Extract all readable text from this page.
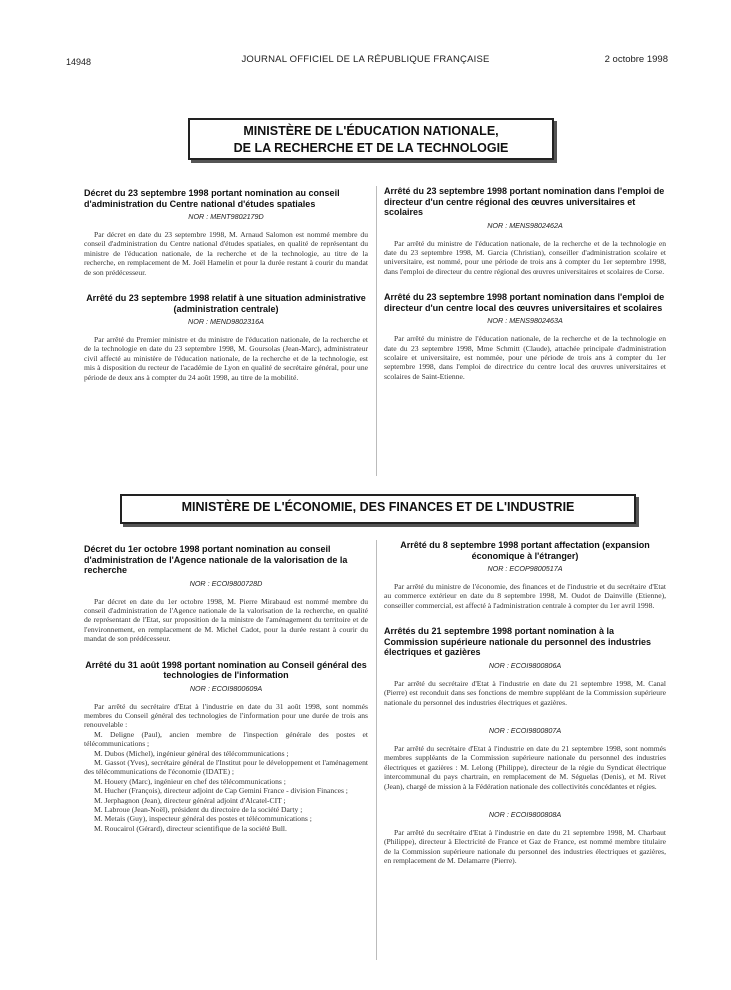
14948	JOURNAL OFFICIEL DE LA RÉPUBLIQUE FRANÇAISE	2 octobre 1998
MINISTÈRE DE L'ÉDUCATION NATIONALE,
DE LA RECHERCHE ET DE LA TECHNOLOGIE
Décret du 23 septembre 1998 portant nomination au conseil d'administration du Centre national d'études spatiales
NOR : MENT9802179D

Par décret en date du 23 septembre 1998, M. Arnaud Salomon est nommé membre du conseil d'administration du Centre national d'études spatiales, en qualité de représentant du ministre de l'éducation nationale, de la recherche et de la technologie, au titre de la recherche, en remplacement de M. Joël Hamelin et pour la durée restant à courir du mandat de son prédécesseur.

Arrêté du 23 septembre 1998 relatif à une situation administrative (administration centrale)
NOR : MEND9802316A

Par arrêté du Premier ministre et du ministre de l'éducation nationale, de la recherche et de la technologie en date du 23 septembre 1998, M. Goursolas (Jean-Marc), administrateur civil affecté au ministère de l'éducation nationale, de la recherche et de la technologie, est mis à disposition du recteur de l'académie de Lyon en qualité de secrétaire général, pour une période de deux ans à compter du 24 août 1998, au titre de la mobilité.

Arrêté du 23 septembre 1998 portant nomination dans l'emploi de directeur d'un centre régional des œuvres universitaires et scolaires
NOR : MENS9802462A

Par arrêté du ministre de l'éducation nationale, de la recherche et de la technologie en date du 23 septembre 1998, M. Garcia (Christian), conseiller d'administration scolaire et universitaire, est nommé, pour une période de trois ans à compter du 1er septembre 1998, dans l'emploi de directeur du centre régional des œuvres universitaires et scolaires de Corse.

Arrêté du 23 septembre 1998 portant nomination dans l'emploi de directeur d'un centre local des œuvres universitaires et scolaires
NOR : MENS9802463A

Par arrêté du ministre de l'éducation nationale, de la recherche et de la technologie en date du 23 septembre 1998, Mme Schmitt (Claude), attachée principale d'administration scolaire et universitaire, est nommée, pour une période de trois ans à compter du 1er septembre 1998, dans l'emploi de directrice du centre local des œuvres universitaires et scolaires de Saint-Etienne.

MINISTÈRE DE L'ÉCONOMIE, DES FINANCES ET DE L'INDUSTRIE
Décret du 1er octobre 1998 portant nomination au conseil d'administration de l'Agence nationale de la valorisation de la recherche
NOR : ECOI9800728D

Par décret en date du 1er octobre 1998, M. Pierre Mirabaud est nommé membre du conseil d'administration de l'Agence nationale de la valorisation de la recherche, en qualité de représentant de l'Etat, sur proposition de la ministre de l'aménagement du territoire et de l'environnement, en remplacement de M. Michel Cadot, pour la durée restant à courir du mandat de son prédécesseur.

Arrêté du 31 août 1998 portant nomination au Conseil général des technologies de l'information
NOR : ECOI9800609A

Par arrêté du secrétaire d'Etat à l'industrie en date du 31 août 1998, sont nommés membres du Conseil général des technologies de l'information pour une durée de trois ans renouvelable :

M. Deligne (Paul), ancien membre de l'inspection générale des postes et télécommunications ;

M. Dubos (Michel), ingénieur général des télécommunications ;

M. Gassot (Yves), secrétaire général de l'Institut pour le développement et l'aménagement des télécommunications de l'économie (IDATE) ;

M. Houery (Marc), ingénieur en chef des télécommunications ;

M. Hucher (François), directeur adjoint de Cap Gemini France - division Finances ;

M. Jerphagnon (Jean), directeur général adjoint d'Alcatel-CIT ;

M. Labroue (Jean-Noël), président du directoire de la société Darty ;

M. Metais (Guy), inspecteur général des postes et télécommunications ;

M. Roucairol (Gérard), directeur scientifique de la société Bull.

Arrêté du 8 septembre 1998 portant affectation (expansion économique à l'étranger)
NOR : ECOP9800517A

Par arrêté du ministre de l'économie, des finances et de l'industrie et du secrétaire d'Etat au commerce extérieur en date du 8 septembre 1998, M. Oudot de Dainville (Etienne), conseiller commercial, est affecté à l'administration centrale à compter du 1er avril 1998.

Arrêtés du 21 septembre 1998 portant nomination à la Commission supérieure nationale du personnel des industries électriques et gazières
NOR : ECOI9800806A

Par arrêté du secrétaire d'Etat à l'industrie en date du 21 septembre 1998, M. Canal (Pierre) est reconduit dans ses fonctions de membre suppléant de la Commission supérieure nationale du personnel des industries électriques et gazières.

NOR : ECOI9800807A

Par arrêté du secrétaire d'Etat à l'industrie en date du 21 septembre 1998, sont nommés membres suppléants de la Commission supérieure nationale du personnel des industries électriques et gazières : M. Lelong (Philippe), directeur de la régie du Syndicat électrique intercommunal du pays chartrain, en remplacement de M. Séguelas (Denis), et M. Rivet (Jean), chargé de mission à la Fédération nationale des collectivités concédantes et régies.

NOR : ECOI9800808A

Par arrêté du secrétaire d'Etat à l'industrie en date du 21 septembre 1998, M. Charbaut (Philippe), directeur à Electricité de France et Gaz de France, est nommé membre titulaire de la Commission supérieure nationale du personnel des industries électriques et gazières, en remplacement de M. Delamarre (Pierre).
